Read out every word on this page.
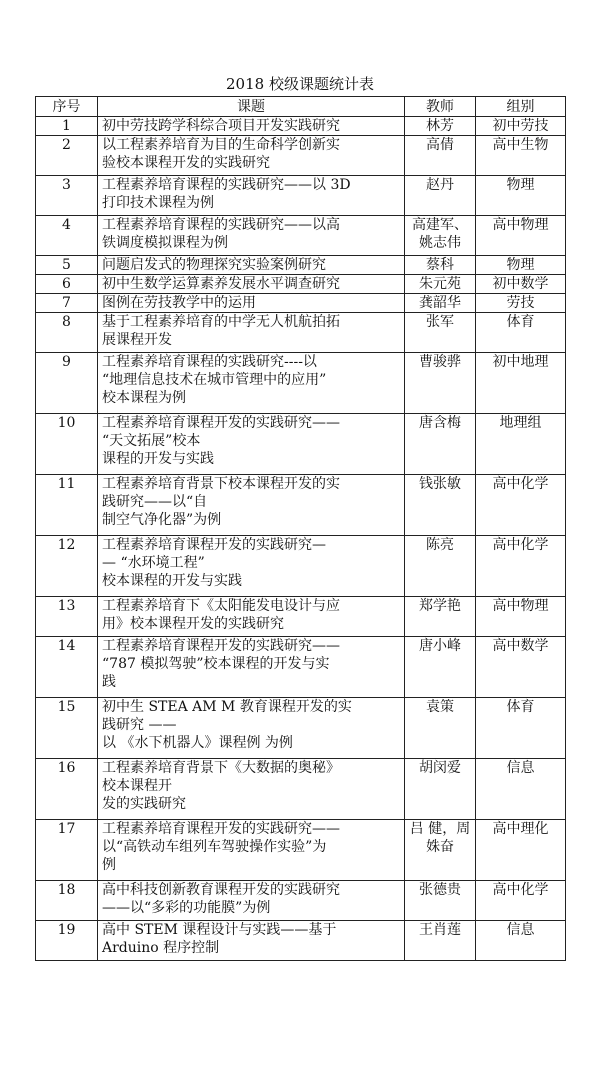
2018 校级课题统计表
序号	课题	教师	组别
1	初中劳技跨学科综合项目开发实践研究	林芳	初中劳技
2	以工程素养培育为目的生命科学创新实
验校本课程开发的实践研究	高倩	高中生物
3	工程素养培育课程的实践研究——以 3D
打印技术课程为例	赵丹	物理
4	工程素养培育课程的实践研究——以高
铁调度模拟课程为例	高建军、
姚志伟	高中物理
5	问题启发式的物理探究实验案例研究	蔡科	物理
6	初中生数学运算素养发展水平调查研究	朱元苑	初中数学
7	图例在劳技教学中的运用	龚韶华	劳技
8	基于工程素养培育的中学无人机航拍拓
展课程开发	张军	体育
9	工程素养培育课程的实践研究----以
“地理信息技术在城市管理中的应用”
校本课程为例	曹骏骅	初中地理
10	工程素养培育课程开发的实践研究——
“天文拓展”校本
课程的开发与实践	唐含梅	地理组
11	工程素养培育背景下校本课程开发的实
践研究——以“自
制空气净化器”为例	钱张敏	高中化学
12	工程素养培育课程开发的实践研究—
— “水环境工程”
校本课程的开发与实践	陈亮	高中化学
13	工程素养培育下《太阳能发电设计与应
用》校本课程开发的实践研究	郑学艳	高中物理
14	工程素养培育课程开发的实践研究——
“787 模拟驾驶”校本课程的开发与实
践	唐小峰	高中数学
15	初中生 STEA AM M 教育课程开发的实
践研究 ——
以 《水下机器人》课程例 为例	袁策	体育
16	工程素养培育背景下《大数据的奥秘》
校本课程开
发的实践研究	胡闵爱	信息
17	工程素养培育课程开发的实践研究——
以“高铁动车组列车驾驶操作实验”为
例	吕 健，周
姝奋	高中理化
18	高中科技创新教育课程开发的实践研究
——以“多彩的功能膜”为例	张德贵	高中化学
19	高中 STEM 课程设计与实践——基于
Arduino 程序控制	王肖莲	信息
